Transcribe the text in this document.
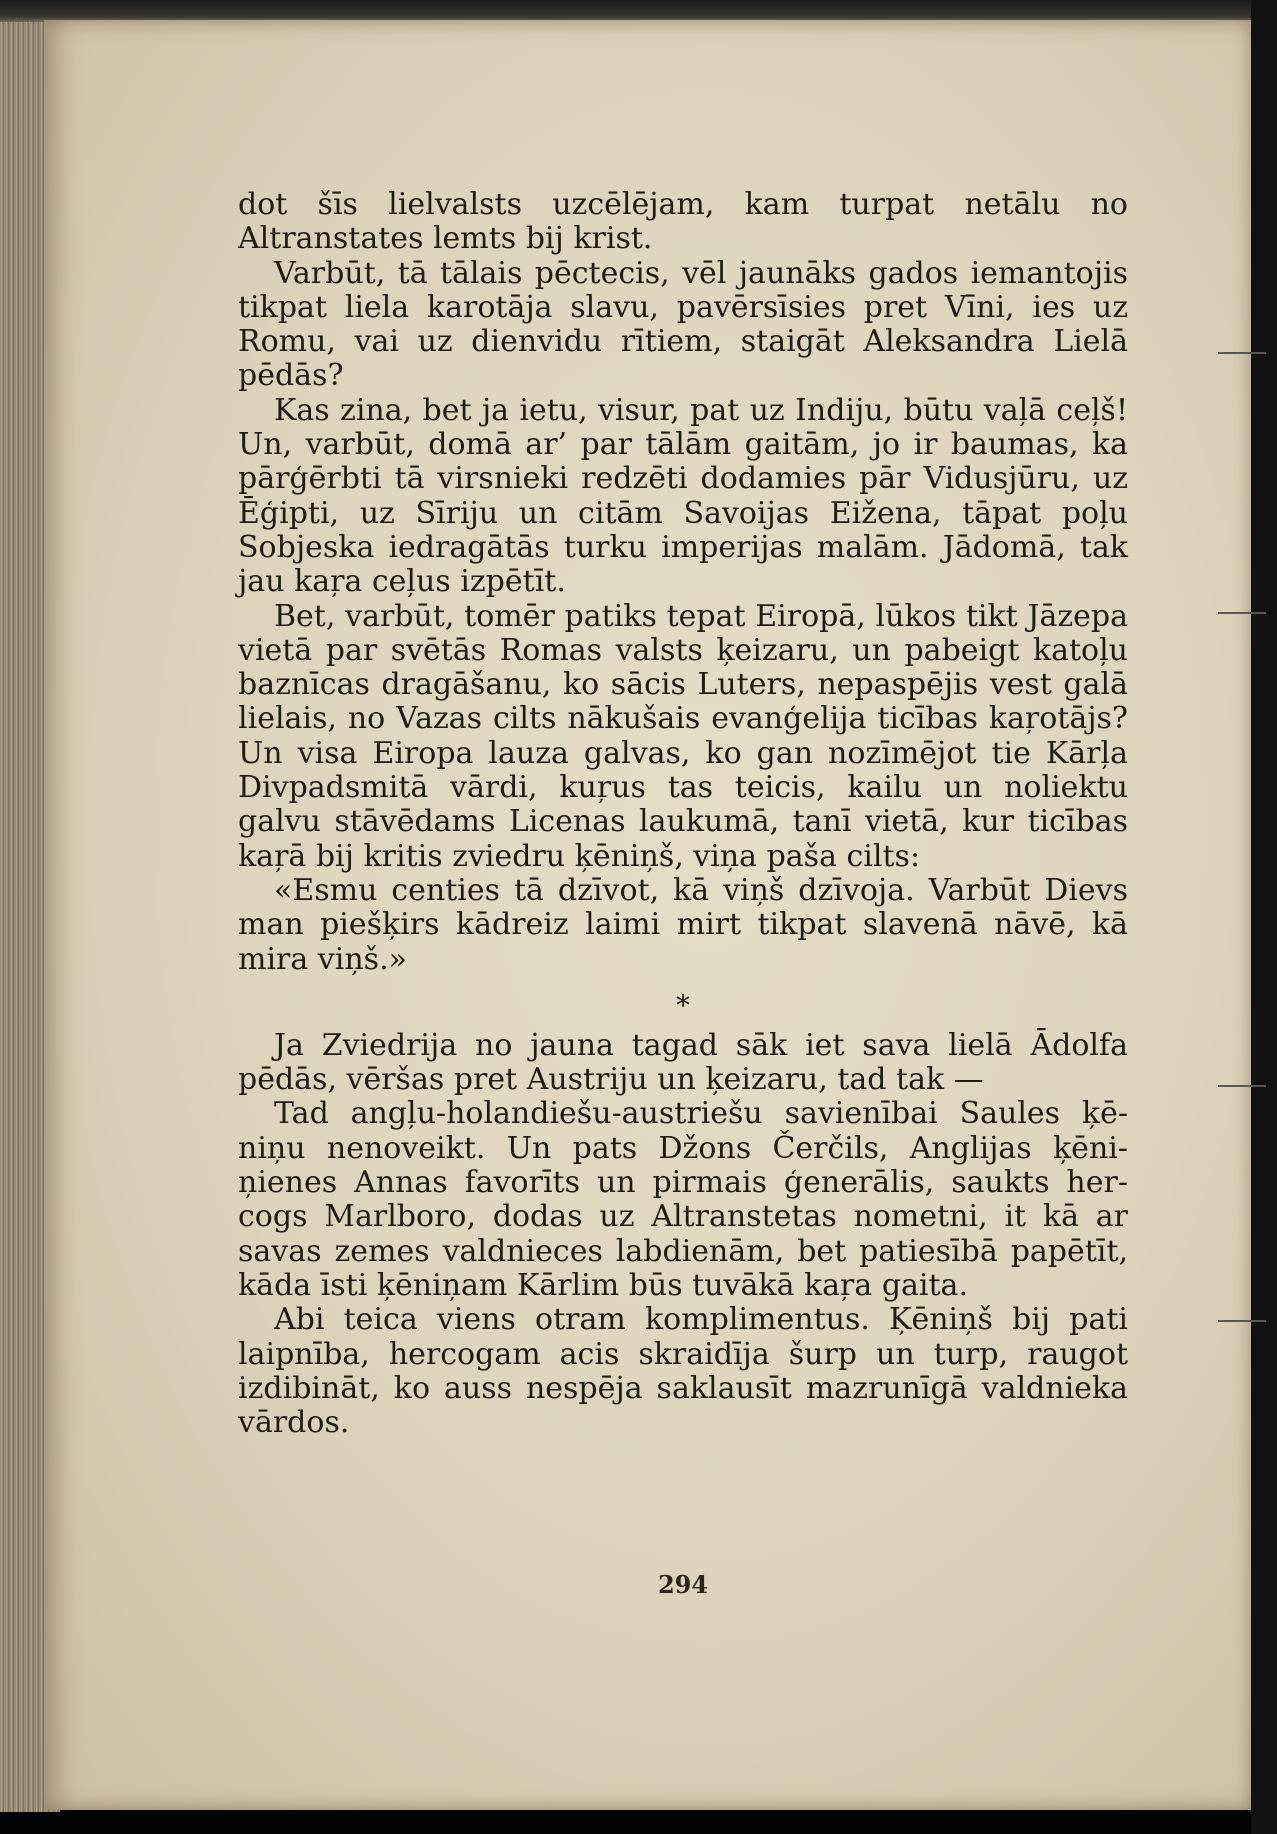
dot šīs lielvalsts uzcēlējam, kam turpat netālu no Altranstates lemts bij krist.

Varbūt, tā tālais pēctecis, vēl jaunāks gados iemantojis tikpat liela karotāja slavu, pavērsīsies pret Vīni, ies uz Romu, vai uz dienvidu rītiem, staigāt Aleksandra Lielā pēdās?

Kas zina, bet ja ietu, visur, pat uz Indiju, būtu vaļā ceļš! Un, varbūt, domā ar’ par tālām gaitām, jo ir baumas, ka pārģērbti tā virsnieki redzēti dodamies pār Vidusjūru, uz Ēģipti, uz Sīriju un citām Savoijas Eižena, tāpat poļu Sobjeska iedragātās turku imperijas malām. Jādomā, tak jau kaŗa ceļus izpētīt.

Bet, varbūt, tomēr patiks tepat Eiropā, lūkos tikt Jāzepa vietā par svētās Romas valsts ķeizaru, un pabeigt katoļu baznīcas dragāšanu, ko sācis Luters, nepaspējis vest galā lielais, no Vazas cilts nākušais evanģelija ticības kaŗotājs? Un visa Eiropa lauza galvas, ko gan nozīmējot tie Kārļa Divpadsmitā vārdi, kuŗus tas teicis, kailu un noliektu galvu stāvēdams Licenas laukumā, tanī vietā, kur ticības kaŗā bij kritis zviedru ķēniņš, viņa paša cilts:

«Esmu centies tā dzīvot, kā viņš dzīvoja. Varbūt Dievs man piešķirs kādreiz laimi mirt tikpat slavenā nāvē, kā mira viņš.»

*

Ja Zviedrija no jauna tagad sāk iet sava lielā Ādolfa pēdās, vēršas pret Austriju un ķeizaru, tad tak —

Tad angļu-holandiešu-austriešu savienībai Saules ķēniņu nenoveikt. Un pats Džons Čerčils, Anglijas ķēniņienes Annas favorīts un pirmais ģenerālis, saukts hercogs Marlboro, dodas uz Altranstetas nometni, it kā ar savas zemes valdnieces labdienām, bet patiesībā papētīt, kāda īsti ķēniņam Kārlim būs tuvākā kaŗa gaita.

Abi teica viens otram komplimentus. Ķēniņš bij pati laipnība, hercogam acis skraidīja šurp un turp, raugot izdibināt, ko auss nespēja saklausīt mazrunīgā valdnieka vārdos.

294
